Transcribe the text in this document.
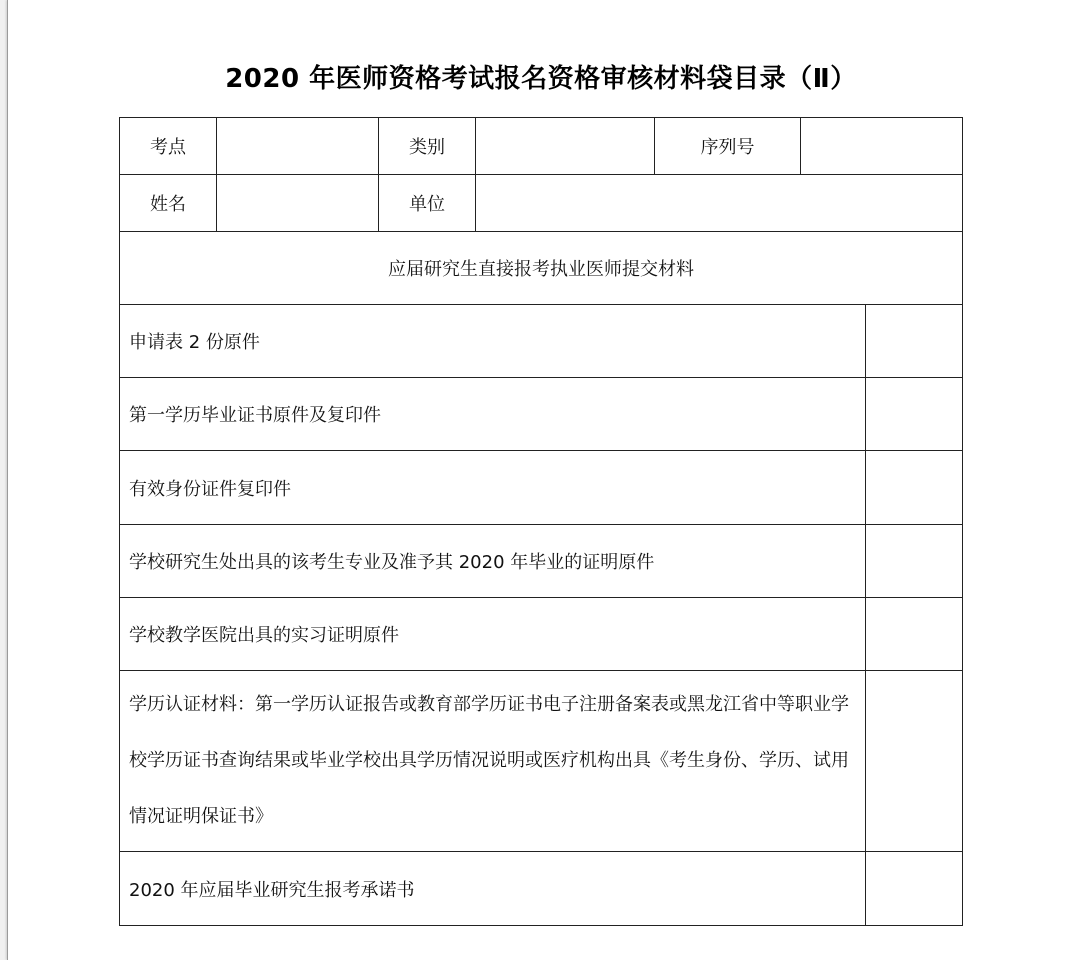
2020 年医师资格考试报名资格审核材料袋目录（Ⅱ）
考点		类别		序列号		
姓名		单位				
应届研究生直接报考执业医师提交材料						
申请表 2 份原件						
第一学历毕业证书原件及复印件						
有效身份证件复印件						
学校研究生处出具的该考生专业及准予其 2020 年毕业的证明原件						
学校教学医院出具的实习证明原件						
学历认证材料：第一学历认证报告或教育部学历证书电子注册备案表或黑龙江省中等职业学校学历证书查询结果或毕业学校出具学历情况说明或医疗机构出具《考生身份、学历、试用情况证明保证书》						
2020 年应届毕业研究生报考承诺书						
